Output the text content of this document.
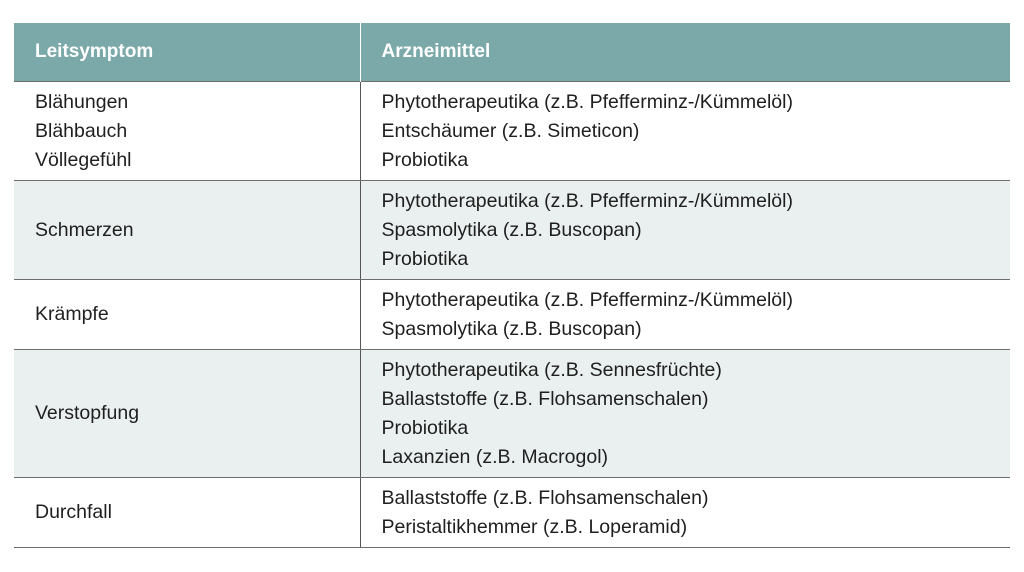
Leitsymptom	Arzneimittel

Blähungen
Blähbauch
Völlegefühl	Phytotherapeutika (z.B. Pfefferminz-/Kümmelöl)
Entschäumer (z.B. Simeticon)
Probiotika

Schmerzen	Phytotherapeutika (z.B. Pfefferminz-/Kümmelöl)
Spasmolytika (z.B. Buscopan)
Probiotika

Krämpfe	Phytotherapeutika (z.B. Pfefferminz-/Kümmelöl)
Spasmolytika (z.B. Buscopan)

Verstopfung	Phytotherapeutika (z.B. Sennesfrüchte)
Ballaststoffe (z.B. Flohsamenschalen)
Probiotika
Laxanzien (z.B. Macrogol)

Durchfall	Ballaststoffe (z.B. Flohsamenschalen)
Peristaltikhemmer (z.B. Loperamid)
